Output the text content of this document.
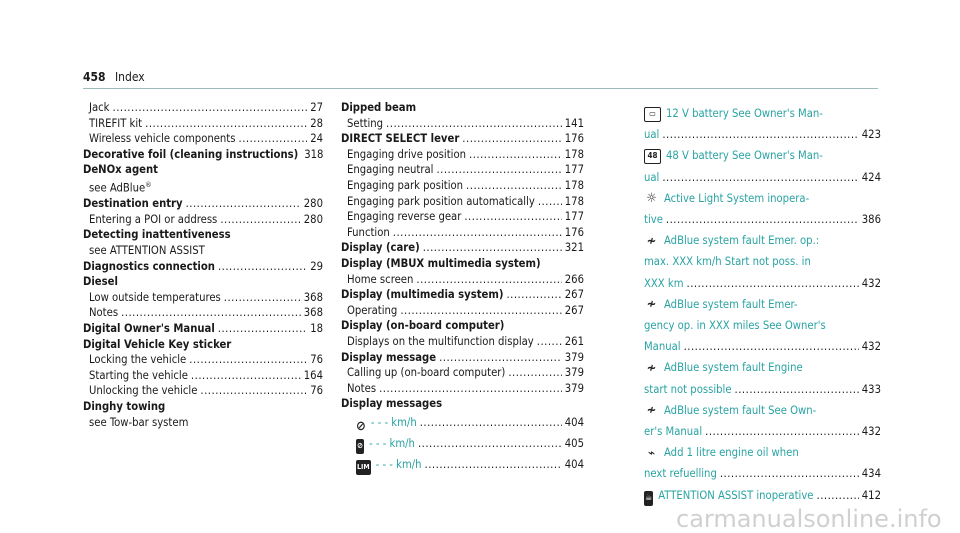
458 Index
Jack .....	27
TIREFIT kit .....	28
Wireless vehicle components .....	24
Decorative foil (cleaning instructions) 318
DeNOx agent
see AdBlue®
Destination entry .....	280
Entering a POI or address .....	280
Detecting inattentiveness
see ATTENTION ASSIST
Diagnostics connection .....	29
Diesel
Low outside temperatures .....	368
Notes .....	368
Digital Owner's Manual .....	18
Digital Vehicle Key sticker
Locking the vehicle .....	76
Starting the vehicle .....	164
Unlocking the vehicle .....	76
Dinghy towing
see Tow-bar system
Dipped beam
Setting .....	141
DIRECT SELECT lever .....	176
Engaging drive position .....	178
Engaging neutral .....	177
Engaging park position .....	178
Engaging park position automatically .....	178
Engaging reverse gear .....	177
Function .....	176
Display (care) .....	321
Display (MBUX multimedia system)
Home screen .....	266
Display (multimedia system) .....	267
Operating .....	267
Display (on-board computer)
Displays on the multifunction display .....	261
Display message .....	379
Calling up (on-board computer) .....	379
Notes .....	379
Display messages
⊘ - - - km/h .....	404
⊘ - - - km/h .....	405
LIM - - - km/h .....	404
▭ 12 V battery See Owner's Man-
ual .....	423
48 48 V battery See Owner's Man-
ual .....	424
☼ Active Light System inopera-
tive .....	386
≁ AdBlue system fault Emer. op.:
max. XXX km/h Start not poss. in
XXX km .....	432
≁ AdBlue system fault Emer-
gency op. in XXX miles See Owner's
Manual .....	432
≁ AdBlue system fault Engine
start not possible .....	433
≁ AdBlue system fault See Own-
er's Manual .....	432
⌁ Add 1 litre engine oil when
next refuelling .....	434
☕ ATTENTION ASSIST inoperative .....	412
carmanualsonline.info
